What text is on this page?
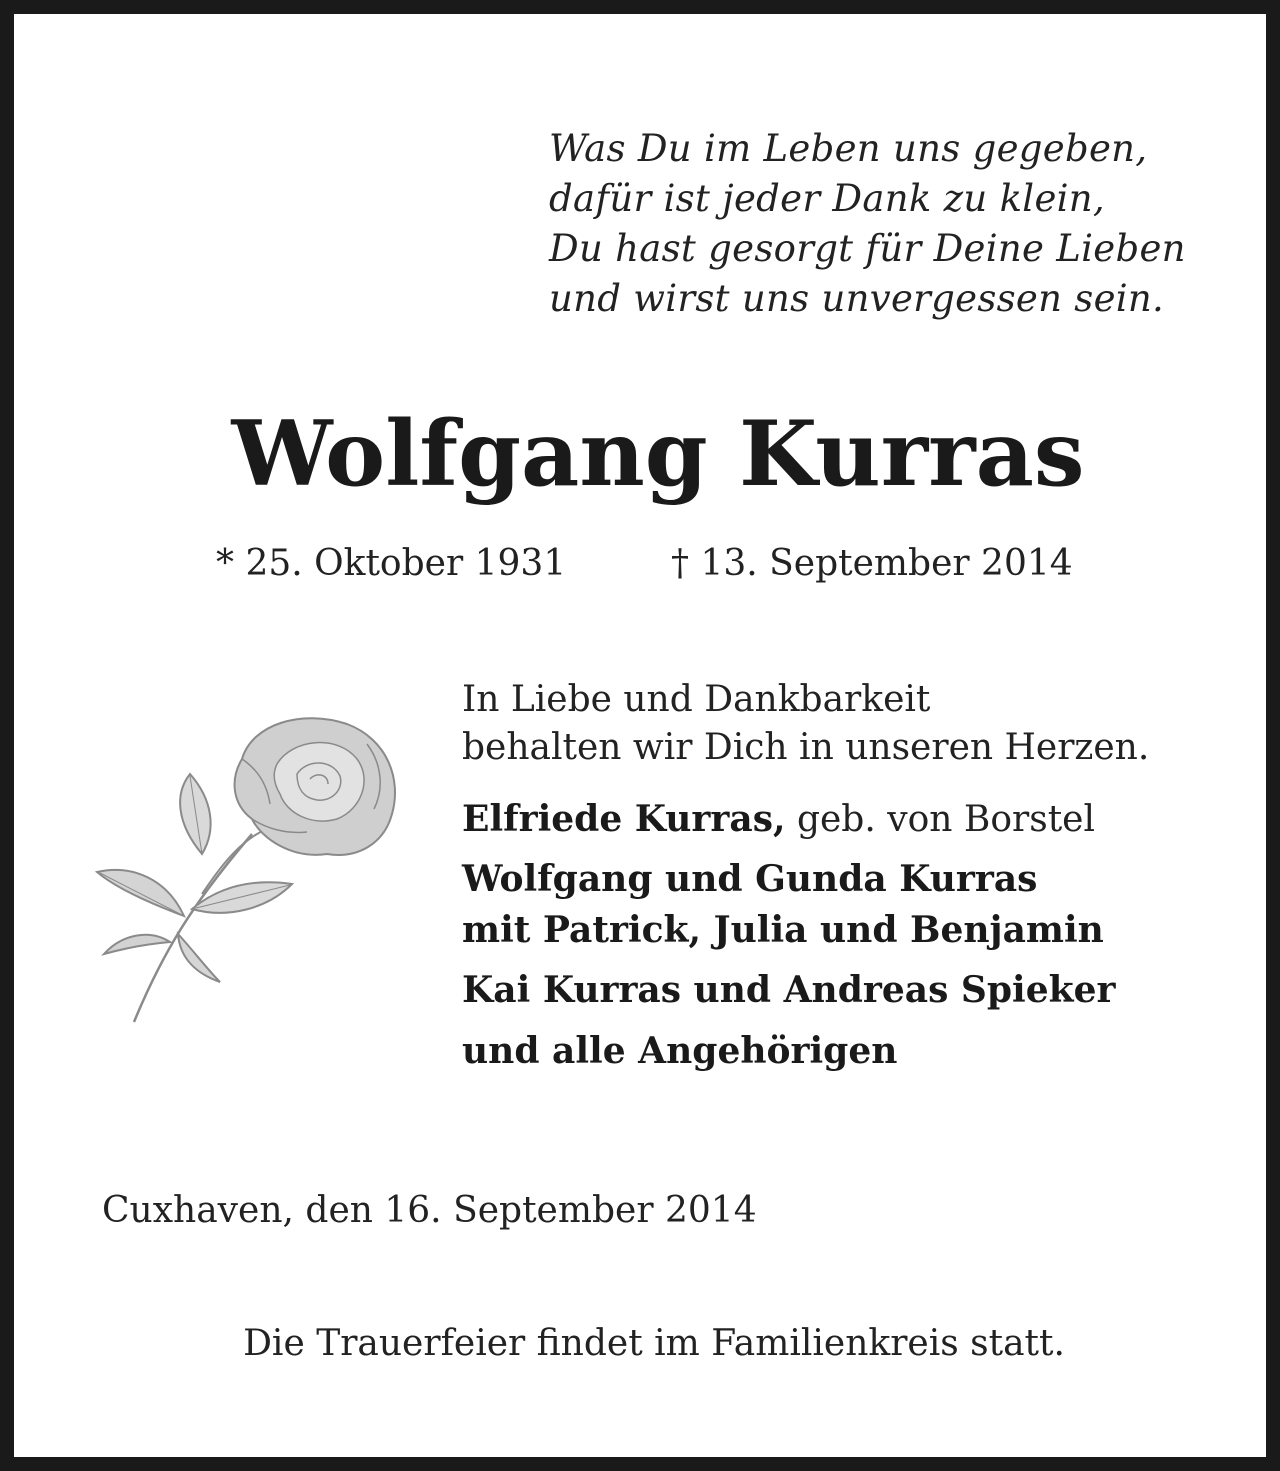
Was Du im Leben uns gegeben,
dafür ist jeder Dank zu klein,
Du hast gesorgt für Deine Lieben
und wirst uns unvergessen sein.
Wolfgang Kurras
* 25. Oktober 1931	† 13. September 2014
In Liebe und Dankbarkeit
behalten wir Dich in unseren Herzen.
Elfriede Kurras, geb. von Borstel
Wolfgang und Gunda Kurras
mit Patrick, Julia und Benjamin
Kai Kurras und Andreas Spieker
und alle Angehörigen
Cuxhaven, den 16. September 2014
Die Trauerfeier findet im Familienkreis statt.
